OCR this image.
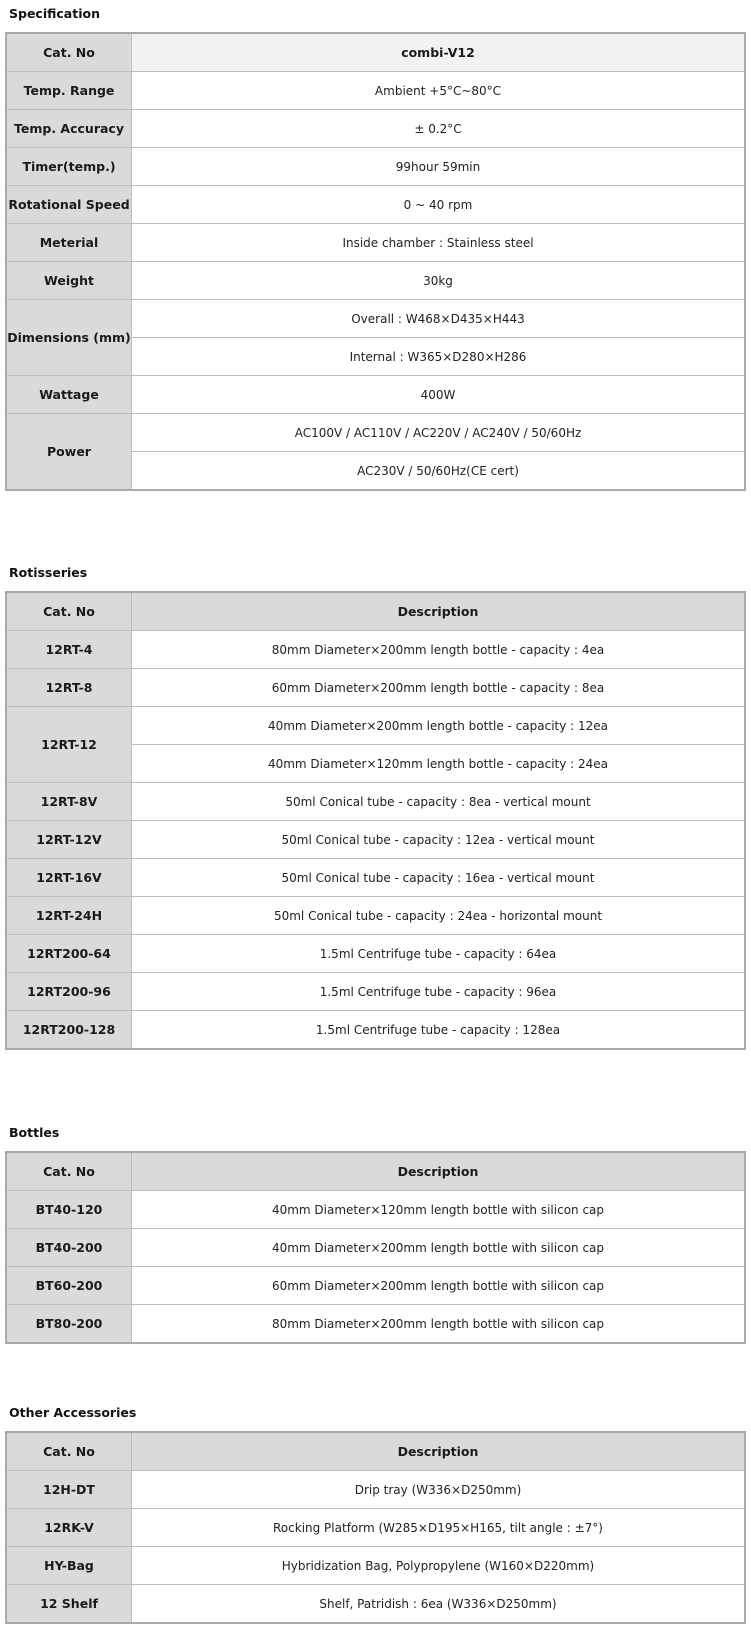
Specification
Cat. No	combi-V12
Temp. Range	Ambient +5°C~80°C
Temp. Accuracy	± 0.2°C
Timer(temp.)	99hour 59min
Rotational Speed	0 ~ 40 rpm
Meterial	Inside chamber : Stainless steel
Weight	30kg
Dimensions (mm)	Overall : W468×D435×H443
	Internal : W365×D280×H286
Wattage	400W
Power	AC100V / AC110V / AC220V / AC240V / 50/60Hz
	AC230V / 50/60Hz(CE cert)
Rotisseries
Cat. No	Description
12RT-4	80mm Diameter×200mm length bottle - capacity : 4ea
12RT-8	60mm Diameter×200mm length bottle - capacity : 8ea
12RT-12	40mm Diameter×200mm length bottle - capacity : 12ea
	40mm Diameter×120mm length bottle - capacity : 24ea
12RT-8V	50ml Conical tube - capacity : 8ea - vertical mount
12RT-12V	50ml Conical tube - capacity : 12ea - vertical mount
12RT-16V	50ml Conical tube - capacity : 16ea - vertical mount
12RT-24H	50ml Conical tube - capacity : 24ea - horizontal mount
12RT200-64	1.5ml Centrifuge tube - capacity : 64ea
12RT200-96	1.5ml Centrifuge tube - capacity : 96ea
12RT200-128	1.5ml Centrifuge tube - capacity : 128ea
Bottles
Cat. No	Description
BT40-120	40mm Diameter×120mm length bottle with silicon cap
BT40-200	40mm Diameter×200mm length bottle with silicon cap
BT60-200	60mm Diameter×200mm length bottle with silicon cap
BT80-200	80mm Diameter×200mm length bottle with silicon cap
Other Accessories
Cat. No	Description
12H-DT	Drip tray (W336×D250mm)
12RK-V	Rocking Platform (W285×D195×H165, tilt angle : ±7°)
HY-Bag	Hybridization Bag, Polypropylene (W160×D220mm)
12 Shelf	Shelf, Patridish : 6ea (W336×D250mm)
